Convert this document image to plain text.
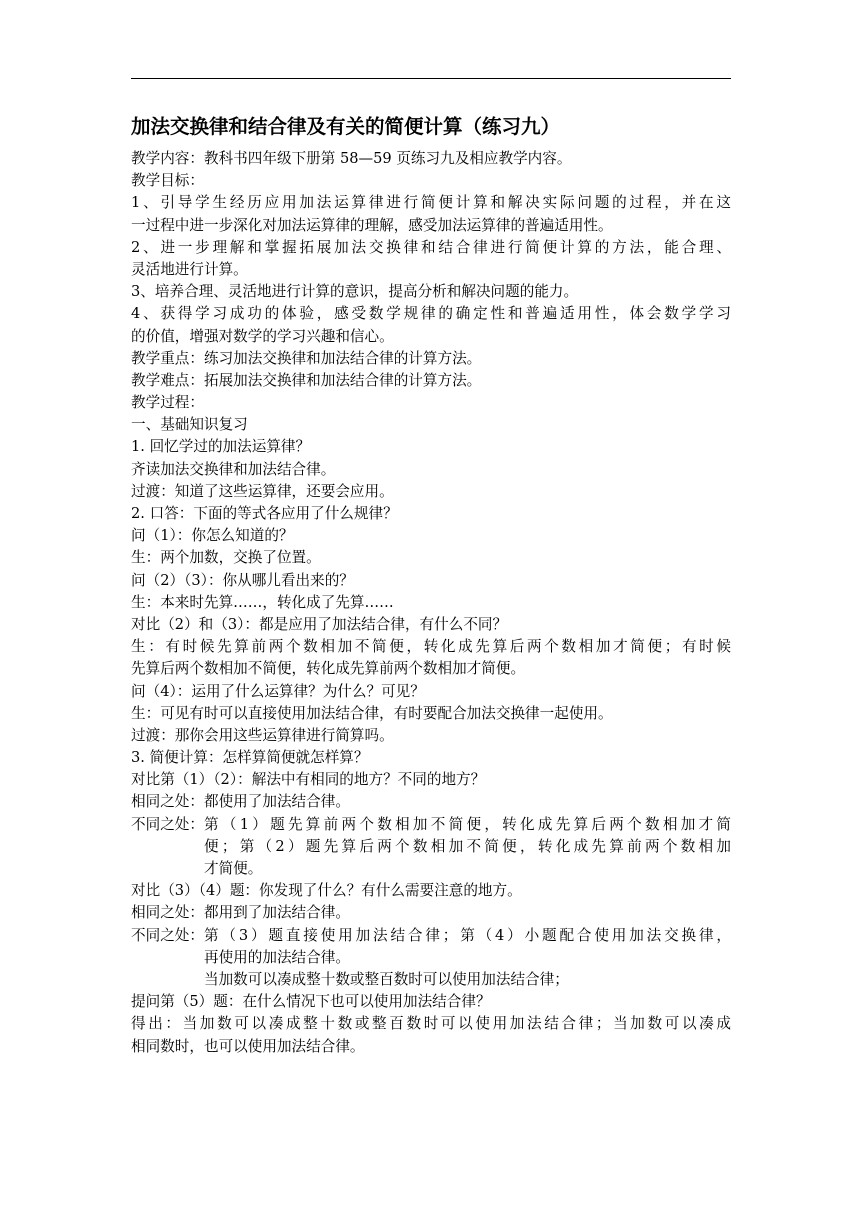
加法交换律和结合律及有关的简便计算（练习九）
教学内容：教科书四年级下册第 58—59 页练习九及相应教学内容。
教学目标：
1、引导学生经历应用加法运算律进行简便计算和解决实际问题的过程，并在这
一过程中进一步深化对加法运算律的理解，感受加法运算律的普遍适用性。
2、进一步理解和掌握拓展加法交换律和结合律进行简便计算的方法，能合理、
灵活地进行计算。
3、培养合理、灵活地进行计算的意识，提高分析和解决问题的能力。
4、获得学习成功的体验，感受数学规律的确定性和普遍适用性，体会数学学习
的价值，增强对数学的学习兴趣和信心。
教学重点：练习加法交换律和加法结合律的计算方法。
教学难点：拓展加法交换律和加法结合律的计算方法。
教学过程：
一、基础知识复习
1. 回忆学过的加法运算律？
齐读加法交换律和加法结合律。
过渡：知道了这些运算律，还要会应用。
2. 口答：下面的等式各应用了什么规律？
问（1）：你怎么知道的？
生：两个加数，交换了位置。
问（2）（3）：你从哪儿看出来的？
生：本来时先算……，转化成了先算……
对比（2）和（3）：都是应用了加法结合律，有什么不同？
生：有时候先算前两个数相加不简便，转化成先算后两个数相加才简便；有时候
先算后两个数相加不简便，转化成先算前两个数相加才简便。
问（4）：运用了什么运算律？为什么？可见？
生：可见有时可以直接使用加法结合律，有时要配合加法交换律一起使用。
过渡：那你会用这些运算律进行简算吗。
3. 简便计算：怎样算简便就怎样算？
对比第（1）（2）：解法中有相同的地方？不同的地方？
相同之处：都使用了加法结合律。
不同之处： 第（1）题先算前两个数相加不简便，转化成先算后两个数相加才简
便；第（2）题先算后两个数相加不简便，转化成先算前两个数相加
才简便。
对比（3）（4）题：你发现了什么？有什么需要注意的地方。
相同之处：都用到了加法结合律。
不同之处： 第（3）题直接使用加法结合律；第（4）小题配合使用加法交换律，
再使用的加法结合律。
当加数可以凑成整十数或整百数时可以使用加法结合律；
提问第（5）题：在什么情况下也可以使用加法结合律？
得出：当加数可以凑成整十数或整百数时可以使用加法结合律；当加数可以凑成
相同数时，也可以使用加法结合律。
